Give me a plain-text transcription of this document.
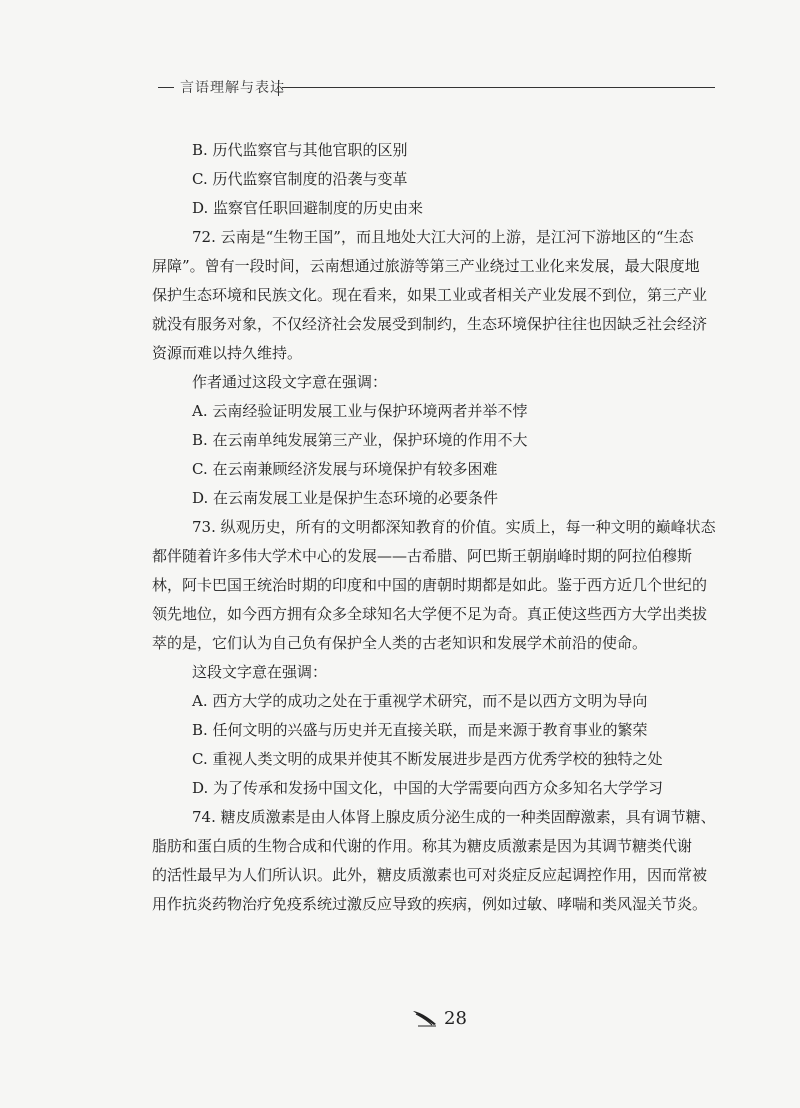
言语理解与表达

B. 历代监察官与其他官职的区别

C. 历代监察官制度的沿袭与变革

D. 监察官任职回避制度的历史由来

72. 云南是“生物王国”，而且地处大江大河的上游，是江河下游地区的“生态

屏障”。曾有一段时间，云南想通过旅游等第三产业绕过工业化来发展，最大限度地

保护生态环境和民族文化。现在看来，如果工业或者相关产业发展不到位，第三产业

就没有服务对象，不仅经济社会发展受到制约，生态环境保护往往也因缺乏社会经济

资源而难以持久维持。

作者通过这段文字意在强调：

A. 云南经验证明发展工业与保护环境两者并举不悖

B. 在云南单纯发展第三产业，保护环境的作用不大

C. 在云南兼顾经济发展与环境保护有较多困难

D. 在云南发展工业是保护生态环境的必要条件

73. 纵观历史，所有的文明都深知教育的价值。实质上，每一种文明的巅峰状态

都伴随着许多伟大学术中心的发展——古希腊、阿巴斯王朝崩峰时期的阿拉伯穆斯

林，阿卡巴国王统治时期的印度和中国的唐朝时期都是如此。鉴于西方近几个世纪的

领先地位，如今西方拥有众多全球知名大学便不足为奇。真正使这些西方大学出类拔

萃的是，它们认为自己负有保护全人类的古老知识和发展学术前沿的使命。

这段文字意在强调：

A. 西方大学的成功之处在于重视学术研究，而不是以西方文明为导向

B. 任何文明的兴盛与历史并无直接关联，而是来源于教育事业的繁荣

C. 重视人类文明的成果并使其不断发展进步是西方优秀学校的独特之处

D. 为了传承和发扬中国文化，中国的大学需要向西方众多知名大学学习

74. 糖皮质激素是由人体肾上腺皮质分泌生成的一种类固醇激素，具有调节糖、

脂肪和蛋白质的生物合成和代谢的作用。称其为糖皮质激素是因为其调节糖类代谢

的活性最早为人们所认识。此外，糖皮质激素也可对炎症反应起调控作用，因而常被

用作抗炎药物治疗免疫系统过激反应导致的疾病，例如过敏、哮喘和类风湿关节炎。

28
